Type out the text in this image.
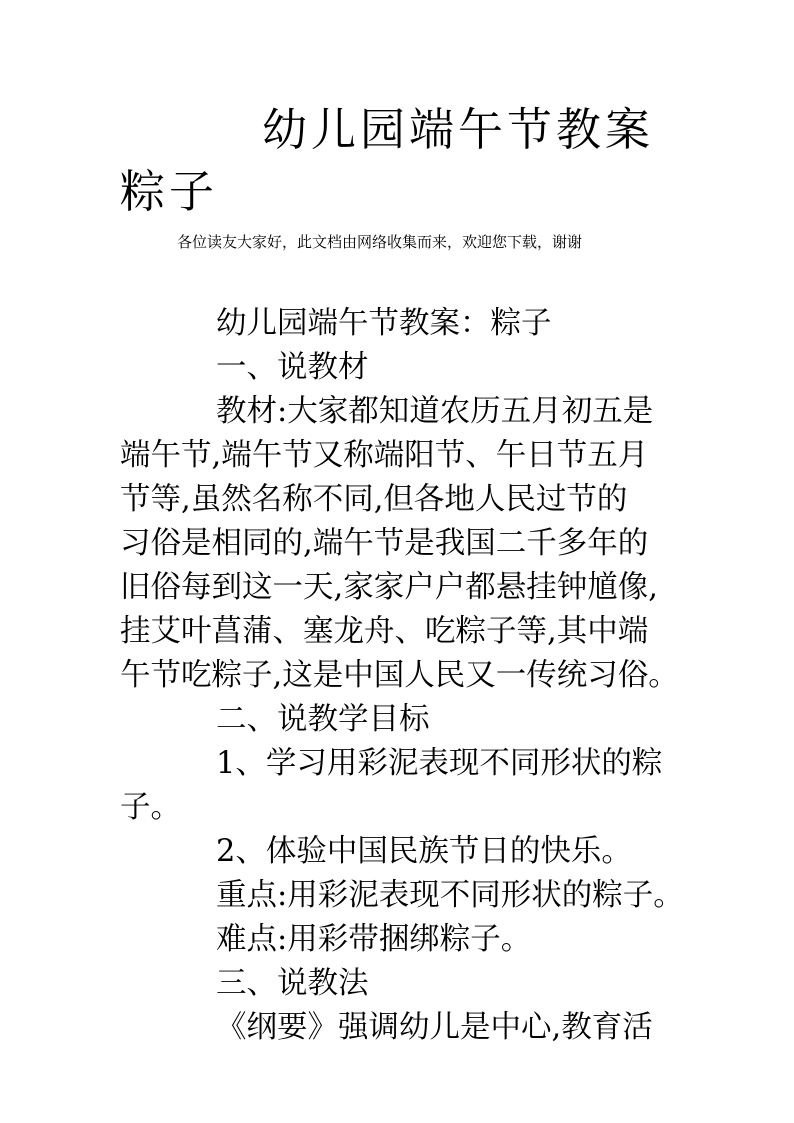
幼儿园端午节教案
粽子
各位读友大家好，此文档由网络收集而来，欢迎您下载，谢谢
幼儿园端午节教案：粽子
一、说教材
教材:大家都知道农历五月初五是
端午节,端午节又称端阳节、午日节五月
节等,虽然名称不同,但各地人民过节的
习俗是相同的,端午节是我国二千多年的
旧俗每到这一天,家家户户都悬挂钟馗像,
挂艾叶菖蒲、塞龙舟、吃粽子等,其中端
午节吃粽子,这是中国人民又一传统习俗。
二、说教学目标
1、学习用彩泥表现不同形状的粽
子。
2、体验中国民族节日的快乐。
重点:用彩泥表现不同形状的粽子。
难点:用彩带捆绑粽子。
三、说教法
《纲要》强调幼儿是中心,教育活
